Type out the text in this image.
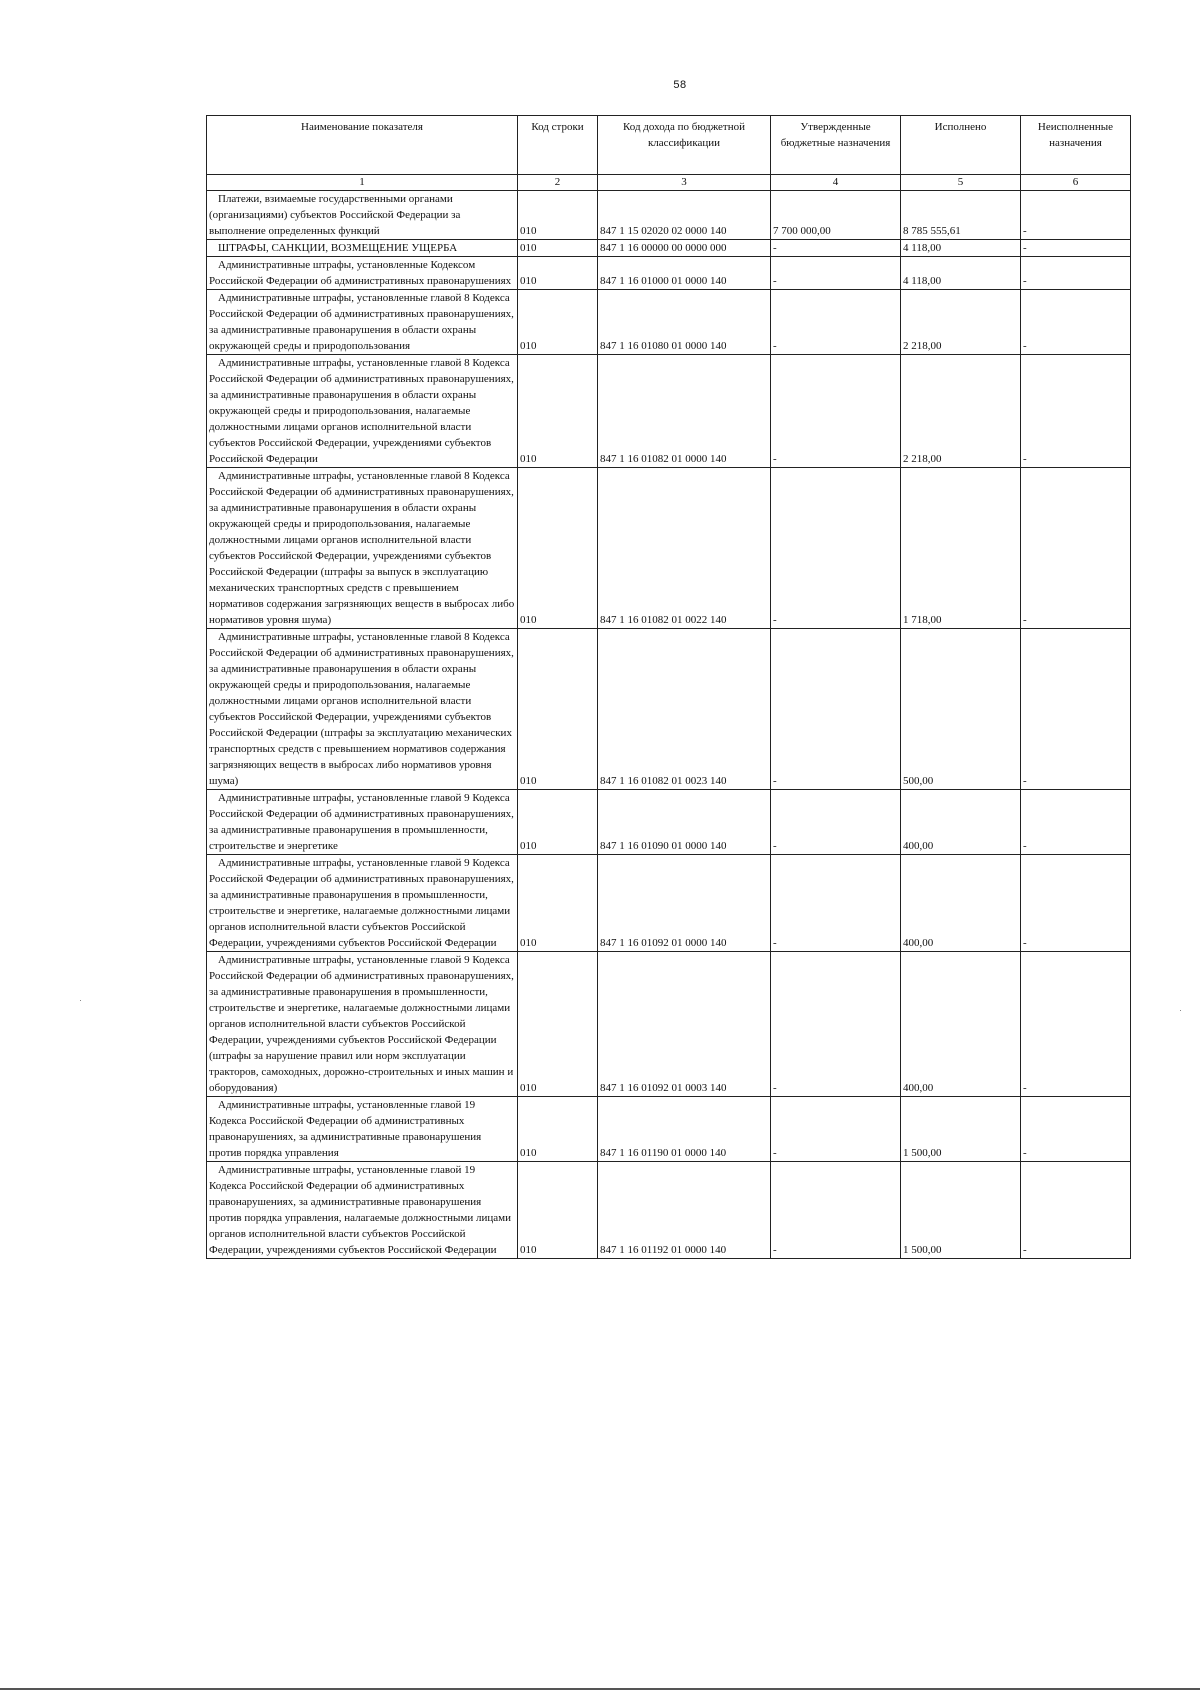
58
Наименование показателя	Код строки	Код дохода по бюджетной классификации	Утвержденные бюджетные назначения	Исполнено	Неисполненные назначения
1	2	3	4	5	6
Платежи, взимаемые государственными органами (организациями) субъектов Российской Федерации за выполнение определенных функций	010	847 1 15 02020 02 0000 140	7 700 000,00	8 785 555,61	-
ШТРАФЫ, САНКЦИИ, ВОЗМЕЩЕНИЕ УЩЕРБА	010	847 1 16 00000 00 0000 000	-	4 118,00	-
Административные штрафы, установленные Кодексом Российской Федерации об административных правонарушениях	010	847 1 16 01000 01 0000 140	-	4 118,00	-
Административные штрафы, установленные главой 8 Кодекса Российской Федерации об административных правонарушениях, за административные правонарушения в области охраны окружающей среды и природопользования	010	847 1 16 01080 01 0000 140	-	2 218,00	-
Административные штрафы, установленные главой 8 Кодекса Российской Федерации об административных правонарушениях, за административные правонарушения в области охраны окружающей среды и природопользования, налагаемые должностными лицами органов исполнительной власти субъектов Российской Федерации, учреждениями субъектов Российской Федерации	010	847 1 16 01082 01 0000 140	-	2 218,00	-
Административные штрафы, установленные главой 8 Кодекса Российской Федерации об административных правонарушениях, за административные правонарушения в области охраны окружающей среды и природопользования, налагаемые должностными лицами органов исполнительной власти субъектов Российской Федерации, учреждениями субъектов Российской Федерации (штрафы за выпуск в эксплуатацию механических транспортных средств с превышением нормативов содержания загрязняющих веществ в выбросах либо нормативов уровня шума)	010	847 1 16 01082 01 0022 140	-	1 718,00	-
Административные штрафы, установленные главой 8 Кодекса Российской Федерации об административных правонарушениях, за административные правонарушения в области охраны окружающей среды и природопользования, налагаемые должностными лицами органов исполнительной власти субъектов Российской Федерации, учреждениями субъектов Российской Федерации (штрафы за эксплуатацию механических транспортных средств с превышением нормативов содержания загрязняющих веществ в выбросах либо нормативов уровня шума)	010	847 1 16 01082 01 0023 140	-	500,00	-
Административные штрафы, установленные главой 9 Кодекса Российской Федерации об административных правонарушениях, за административные правонарушения в промышленности, строительстве и энергетике	010	847 1 16 01090 01 0000 140	-	400,00	-
Административные штрафы, установленные главой 9 Кодекса Российской Федерации об административных правонарушениях, за административные правонарушения в промышленности, строительстве и энергетике, налагаемые должностными лицами органов исполнительной власти субъектов Российской Федерации, учреждениями субъектов Российской Федерации	010	847 1 16 01092 01 0000 140	-	400,00	-
Административные штрафы, установленные главой 9 Кодекса Российской Федерации об административных правонарушениях, за административные правонарушения в промышленности, строительстве и энергетике, налагаемые должностными лицами органов исполнительной власти субъектов Российской Федерации, учреждениями субъектов Российской Федерации (штрафы за нарушение правил или норм эксплуатации тракторов, самоходных, дорожно-строительных и иных машин и оборудования)	010	847 1 16 01092 01 0003 140	-	400,00	-
Административные штрафы, установленные главой 19 Кодекса Российской Федерации об административных правонарушениях, за административные правонарушения против порядка управления	010	847 1 16 01190 01 0000 140	-	1 500,00	-
Административные штрафы, установленные главой 19 Кодекса Российской Федерации об административных правонарушениях, за административные правонарушения против порядка управления, налагаемые должностными лицами органов исполнительной власти субъектов Российской Федерации, учреждениями субъектов Российской Федерации	010	847 1 16 01192 01 0000 140	-	1 500,00	-
